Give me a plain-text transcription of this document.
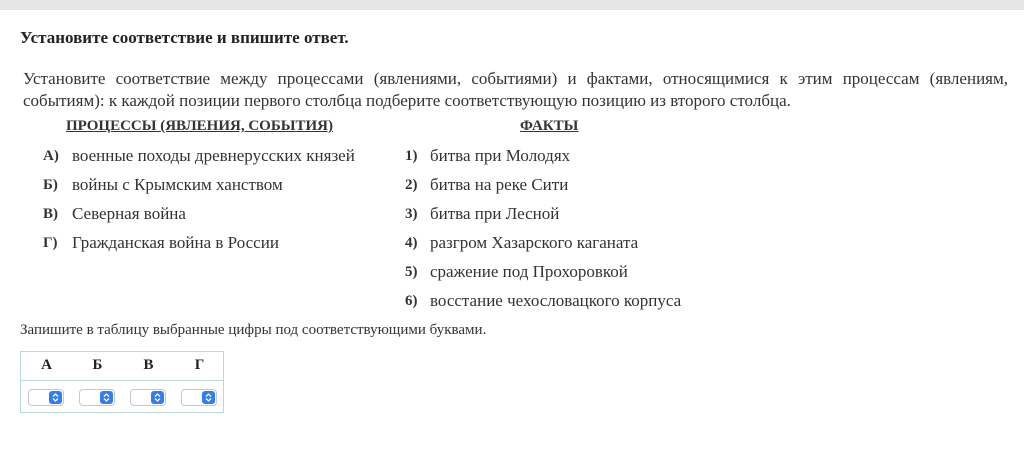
Установите соответствие и впишите ответ.
Установите соответствие между процессами (явлениями, событиями) и фактами, относящимися к этим процессам (явлениям, событиям): к каждой позиции первого столбца подберите соответствующую позицию из второго столбца.
ПРОЦЕССЫ (ЯВЛЕНИЯ, СОБЫТИЯ)	ФАКТЫ
А) военные походы древнерусских князей	1) битва при Молодях
Б) войны с Крымским ханством	2) битва на реке Сити
В) Северная война	3) битва при Лесной
Г) Гражданская война в России	4) разгром Хазарского каганата
5) сражение под Прохоровкой
6) восстание чехословацкого корпуса
Запишите в таблицу выбранные цифры под соответствующими буквами.
А	Б	В	Г
